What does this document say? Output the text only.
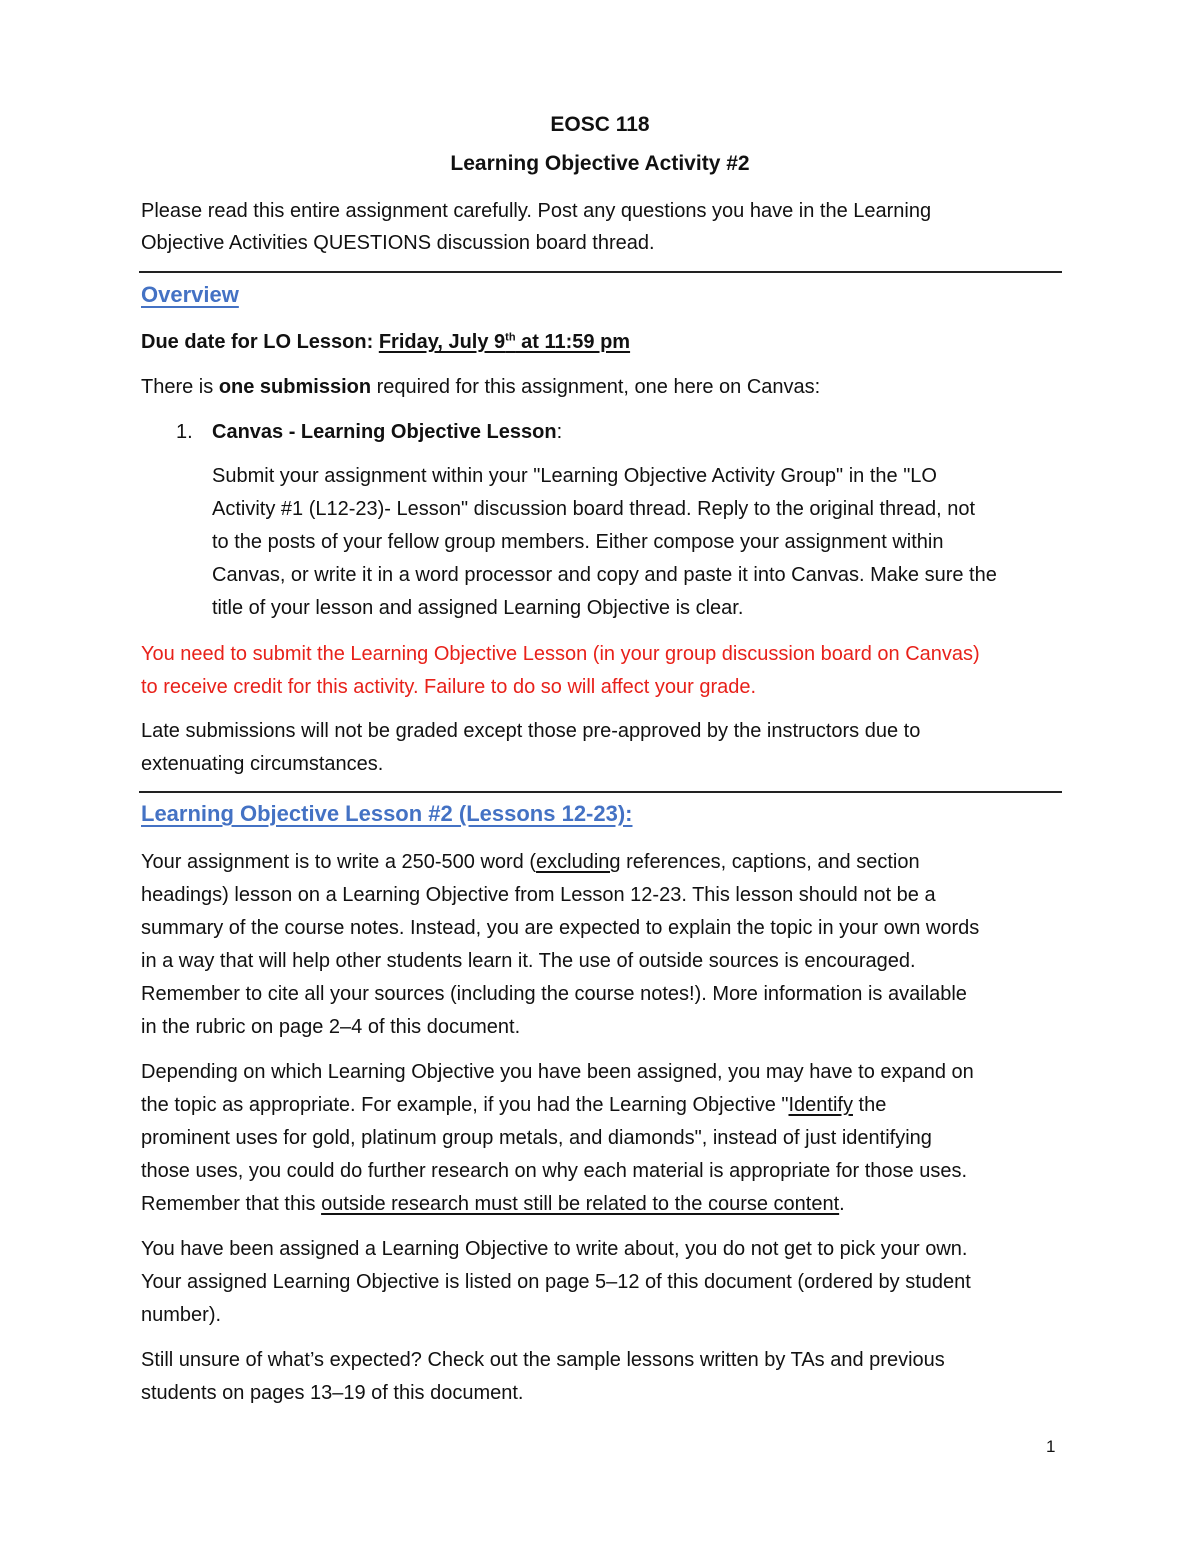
EOSC 118

Learning Objective Activity #2

Please read this entire assignment carefully. Post any questions you have in the Learning

Objective Activities QUESTIONS discussion board thread.

Overview

Due date for LO Lesson: Friday, July 9th at 11:59 pm

There is one submission required for this assignment, one here on Canvas:

1. Canvas - Learning Objective Lesson:

Submit your assignment within your "Learning Objective Activity Group" in the "LO

Activity #1 (L12-23)- Lesson" discussion board thread. Reply to the original thread, not

to the posts of your fellow group members. Either compose your assignment within

Canvas, or write it in a word processor and copy and paste it into Canvas. Make sure the

title of your lesson and assigned Learning Objective is clear.

You need to submit the Learning Objective Lesson (in your group discussion board on Canvas)

to receive credit for this activity. Failure to do so will affect your grade.

Late submissions will not be graded except those pre-approved by the instructors due to

extenuating circumstances.

Learning Objective Lesson #2 (Lessons 12-23):

Your assignment is to write a 250-500 word (excluding references, captions, and section

headings) lesson on a Learning Objective from Lesson 12-23. This lesson should not be a

summary of the course notes. Instead, you are expected to explain the topic in your own words

in a way that will help other students learn it. The use of outside sources is encouraged.

Remember to cite all your sources (including the course notes!). More information is available

in the rubric on page 2–4 of this document.

Depending on which Learning Objective you have been assigned, you may have to expand on

the topic as appropriate. For example, if you had the Learning Objective "Identify the

prominent uses for gold, platinum group metals, and diamonds", instead of just identifying

those uses, you could do further research on why each material is appropriate for those uses.

Remember that this outside research must still be related to the course content.

You have been assigned a Learning Objective to write about, you do not get to pick your own.

Your assigned Learning Objective is listed on page 5–12 of this document (ordered by student

number).

Still unsure of what’s expected? Check out the sample lessons written by TAs and previous

students on pages 13–19 of this document.

1
